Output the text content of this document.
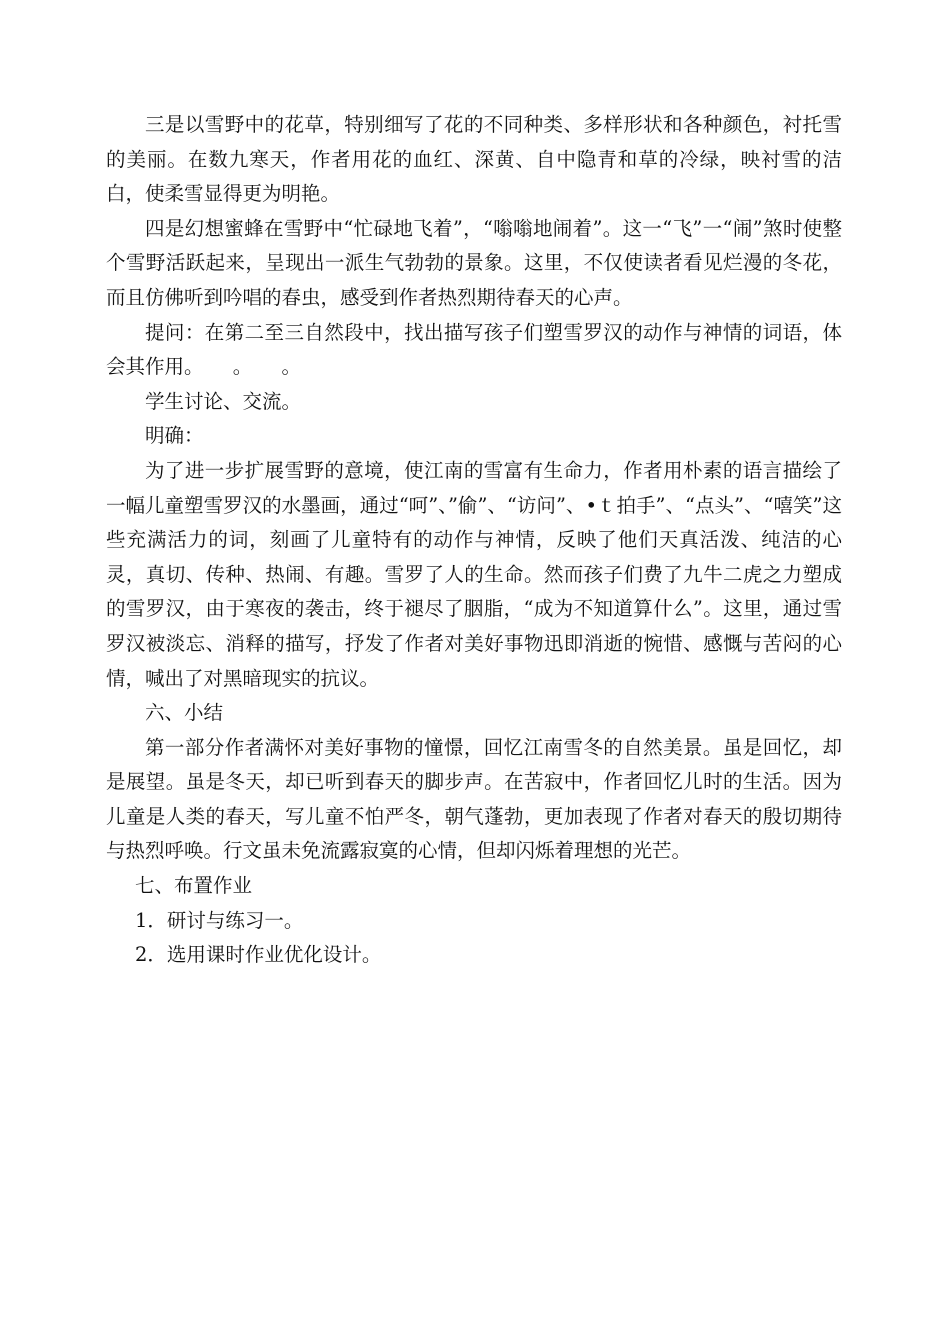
三是以雪野中的花草，特别细写了花的不同种类、多样形状和各种颜色，衬托雪的美丽。在数九寒天，作者用花的血红、深黄、自中隐青和草的冷绿，映衬雪的洁白，使柔雪显得更为明艳。

四是幻想蜜蜂在雪野中“忙碌地飞着”，“嗡嗡地闹着”。这一“飞”一“闹”煞时使整个雪野活跃起来，呈现出一派生气勃勃的景象。这里，不仅使读者看见烂漫的冬花，而且仿佛听到吟唱的春虫，感受到作者热烈期待春天的心声。

提问：在第二至三自然段中，找出描写孩子们塑雪罗汉的动作与神情的词语，体会其作用。　　。　　。

学生讨论、交流。

明确：

为了进一步扩展雪野的意境，使江南的雪富有生命力，作者用朴素的语言描绘了一幅儿童塑雪罗汉的水墨画，通过“呵”、”偷”、“访问”、•ｔ拍手”、“点头”、“嘻笑”这些充满活力的词，刻画了儿童特有的动作与神情，反映了他们天真活泼、纯洁的心灵，真切、传种、热闹、有趣。雪罗了人的生命。然而孩子们费了九牛二虎之力塑成的雪罗汉，由于寒夜的袭击，终于褪尽了胭脂，“成为不知道算什么”。这里，通过雪罗汉被淡忘、消释的描写，抒发了作者对美好事物迅即消逝的惋惜、感慨与苦闷的心情，喊出了对黑暗现实的抗议。

六、小结

第一部分作者满怀对美好事物的憧憬，回忆江南雪冬的自然美景。虽是回忆，却是展望。虽是冬天，却已听到春天的脚步声。在苦寂中，作者回忆儿时的生活。因为儿童是人类的春天，写儿童不怕严冬，朝气蓬勃，更加表现了作者对春天的殷切期待与热烈呼唤。行文虽未免流露寂寞的心情，但却闪烁着理想的光芒。

七、布置作业

1．研讨与练习一。

2．选用课时作业优化设计。
